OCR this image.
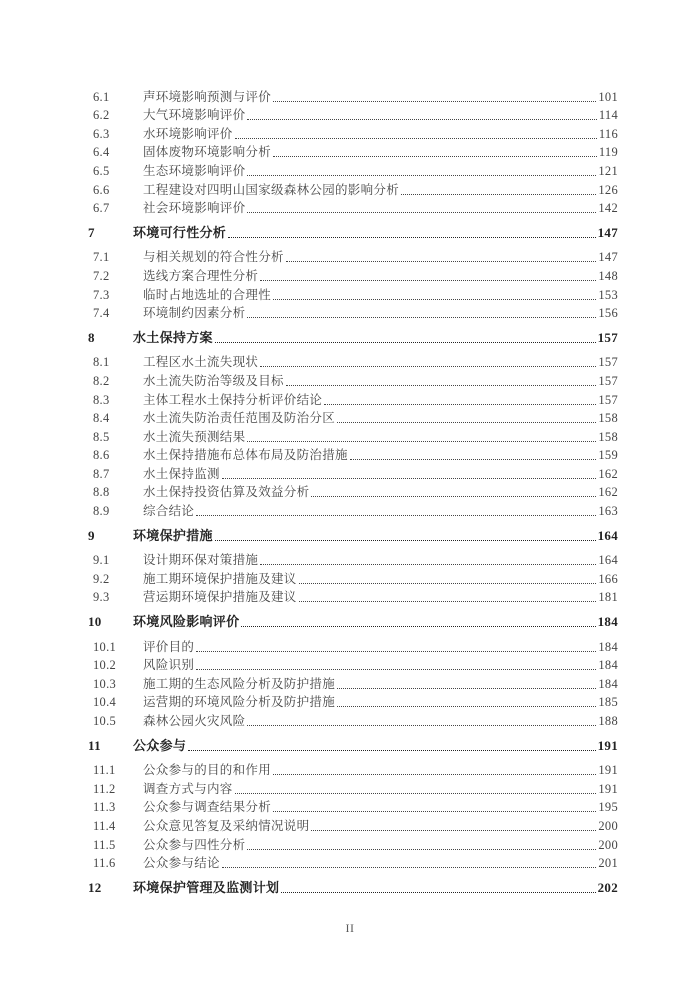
6.1	声环境影响预测与评价	101
6.2	大气环境影响评价	114
6.3	水环境影响评价	116
6.4	固体废物环境影响分析	119
6.5	生态环境影响评价	121
6.6	工程建设对四明山国家级森林公园的影响分析	126
6.7	社会环境影响评价	142
7	环境可行性分析	147
7.1	与相关规划的符合性分析	147
7.2	选线方案合理性分析	148
7.3	临时占地选址的合理性	153
7.4	环境制约因素分析	156
8	水土保持方案	157
8.1	工程区水土流失现状	157
8.2	水土流失防治等级及目标	157
8.3	主体工程水土保持分析评价结论	157
8.4	水土流失防治责任范围及防治分区	158
8.5	水土流失预测结果	158
8.6	水土保持措施布总体布局及防治措施	159
8.7	水土保持监测	162
8.8	水土保持投资估算及效益分析	162
8.9	综合结论	163
9	环境保护措施	164
9.1	设计期环保对策措施	164
9.2	施工期环境保护措施及建议	166
9.3	营运期环境保护措施及建议	181
10	环境风险影响评价	184
10.1	评价目的	184
10.2	风险识别	184
10.3	施工期的生态风险分析及防护措施	184
10.4	运营期的环境风险分析及防护措施	185
10.5	森林公园火灾风险	188
11	公众参与	191
11.1	公众参与的目的和作用	191
11.2	调查方式与内容	191
11.3	公众参与调查结果分析	195
11.4	公众意见答复及采纳情况说明	200
11.5	公众参与四性分析	200
11.6	公众参与结论	201
12	环境保护管理及监测计划	202
II
